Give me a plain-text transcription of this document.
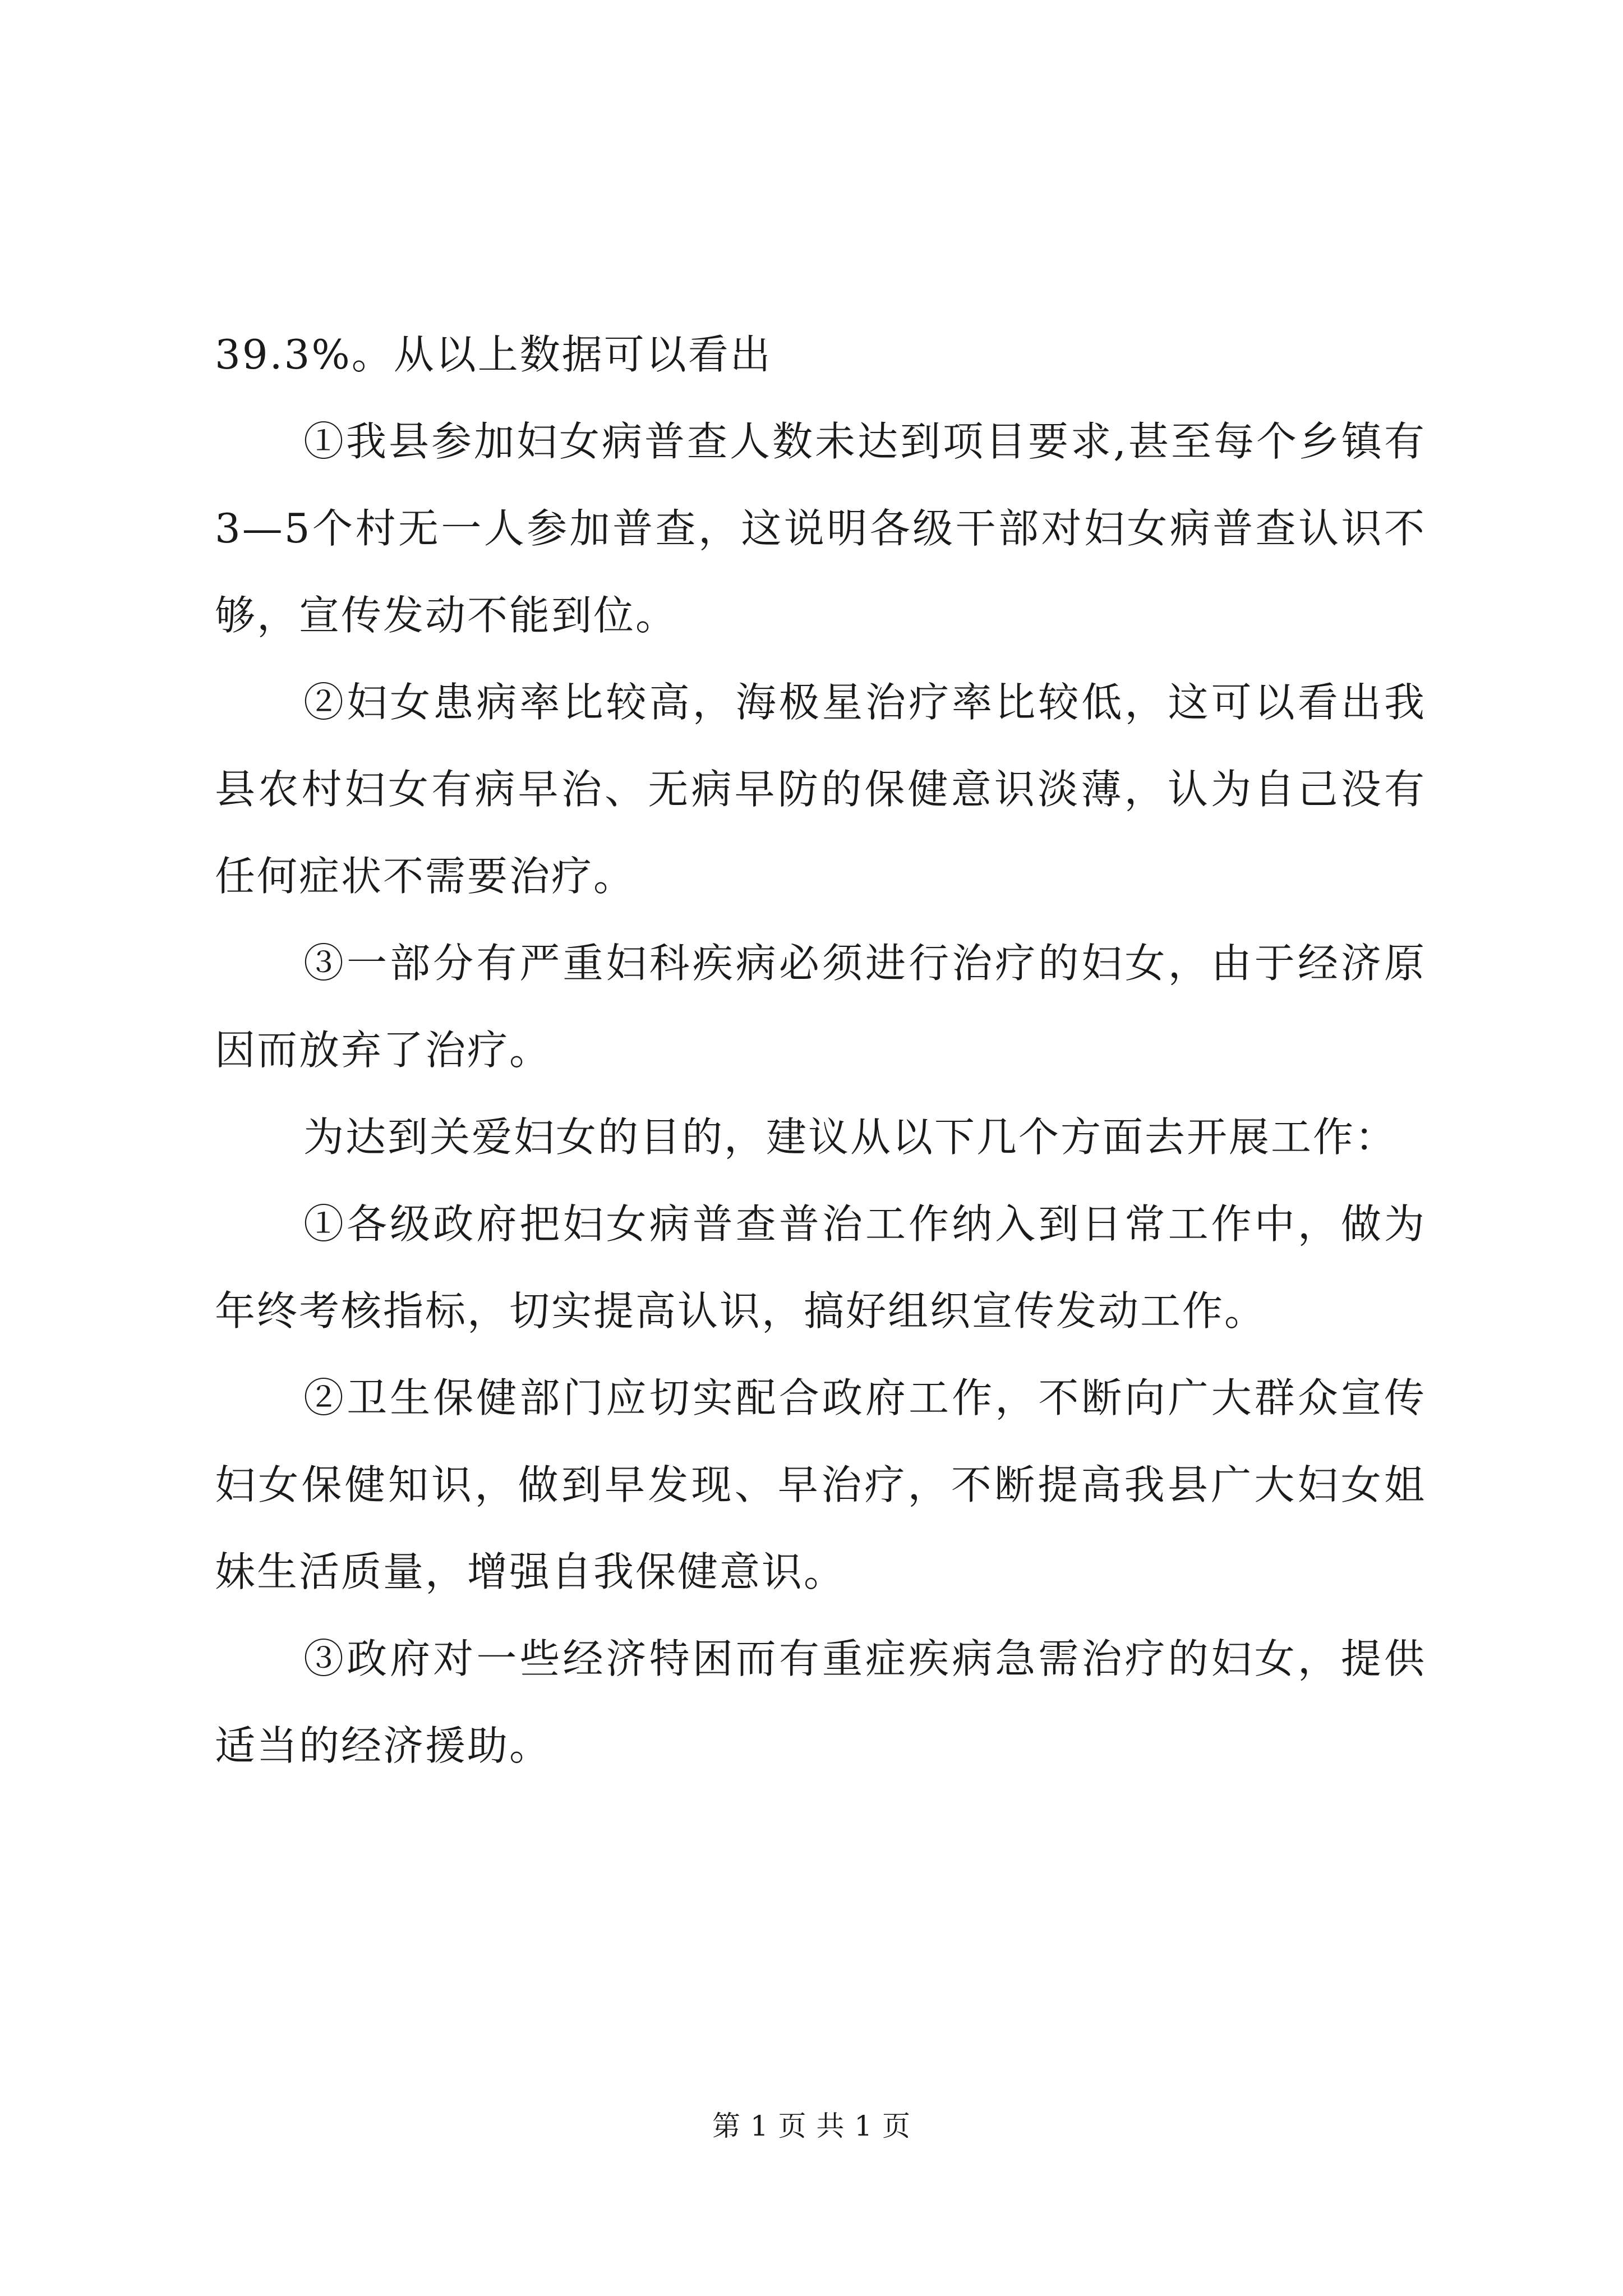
39.3%。从以上数据可以看出

①我县参加妇女病普查人数未达到项目要求,甚至每个乡镇有3—5个村无一人参加普查，这说明各级干部对妇女病普查认识不够，宣传发动不能到位。

②妇女患病率比较高，海极星治疗率比较低，这可以看出我县农村妇女有病早治、无病早防的保健意识淡薄，认为自己没有任何症状不需要治疗。

③一部分有严重妇科疾病必须进行治疗的妇女，由于经济原因而放弃了治疗。

为达到关爱妇女的目的，建议从以下几个方面去开展工作：

①各级政府把妇女病普查普治工作纳入到日常工作中，做为年终考核指标，切实提高认识，搞好组织宣传发动工作。

②卫生保健部门应切实配合政府工作，不断向广大群众宣传妇女保健知识，做到早发现、早治疗，不断提高我县广大妇女姐妹生活质量，增强自我保健意识。

③政府对一些经济特困而有重症疾病急需治疗的妇女，提供适当的经济援助。

第 1 页 共 1 页
